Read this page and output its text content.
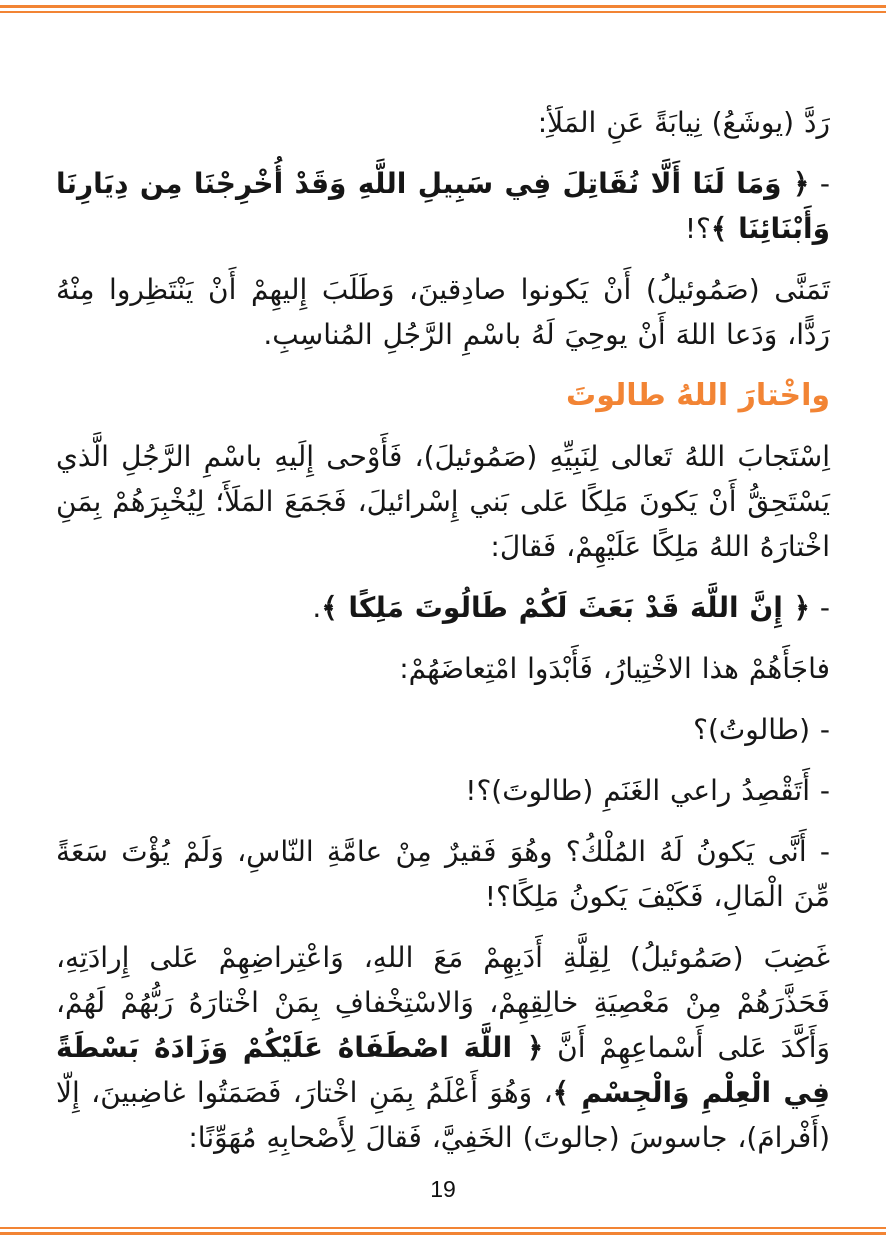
رَدَّ (يوشَعُ) نِيابَةً عَنِ المَلَأِ:

- ﴿ وَمَا لَنَا أَلَّا نُقَاتِلَ فِي سَبِيلِ اللَّهِ وَقَدْ أُخْرِجْنَا مِن دِيَارِنَا وَأَبْنَائِنَا ﴾؟!

تَمَنَّى (صَمُوئيلُ) أَنْ يَكونوا صادِقينَ، وَطَلَبَ إِليهِمْ أَنْ يَنْتَظِروا مِنْهُ رَدًّا، وَدَعا اللهَ أَنْ يوحِيَ لَهُ باسْمِ الرَّجُلِ المُناسِبِ.

واخْتارَ اللهُ طالوتَ

اِسْتَجابَ اللهُ تَعالى لِنَبِيِّهِ (صَمُوئيلَ)، فَأَوْحى إِلَيهِ باسْمِ الرَّجُلِ الَّذي يَسْتَحِقُّ أَنْ يَكونَ مَلِكًا عَلى بَني إِسْرائيلَ، فَجَمَعَ المَلَأَ؛ لِيُخْبِرَهُمْ بِمَنِ اخْتارَهُ اللهُ مَلِكًا عَلَيْهِمْ، فَقالَ:

- ﴿ إِنَّ اللَّهَ قَدْ بَعَثَ لَكُمْ طَالُوتَ مَلِكًا ﴾.

فاجَأَهُمْ هذا الاخْتِيارُ، فَأَبْدَوا امْتِعاضَهُمْ:

- (طالوتُ)؟

- أَتَقْصِدُ راعي الغَنَمِ (طالوتَ)؟!

- أَنَّى يَكونُ لَهُ المُلْكُ؟ وهُوَ فَقيرٌ مِنْ عامَّةِ النّاسِ، وَلَمْ يُؤْتَ سَعَةً مِّنَ الْمَالِ، فَكَيْفَ يَكونُ مَلِكًا؟!

غَضِبَ (صَمُوئيلُ) لِقِلَّةِ أَدَبِهِمْ مَعَ اللهِ، وَاعْتِراضِهِمْ عَلى إِرادَتِهِ، فَحَذَّرَهُمْ مِنْ مَعْصِيَةِ خالِقِهِمْ، وَالاسْتِخْفافِ بِمَنْ اخْتارَهُ رَبُّهُمْ لَهُمْ، وَأَكَّدَ عَلى أَسْماعِهِمْ أَنَّ ﴿ اللَّهَ اصْطَفَاهُ عَلَيْكُمْ وَزَادَهُ بَسْطَةً فِي الْعِلْمِ وَالْجِسْمِ ﴾، وَهُوَ أَعْلَمُ بِمَنِ اخْتارَ، فَصَمَتُوا غاضِبينَ، إِلّا (أَفْرامَ)، جاسوسَ (جالوتَ) الخَفِيَّ، فَقالَ لِأَصْحابِهِ مُهَوِّنًا:

19
